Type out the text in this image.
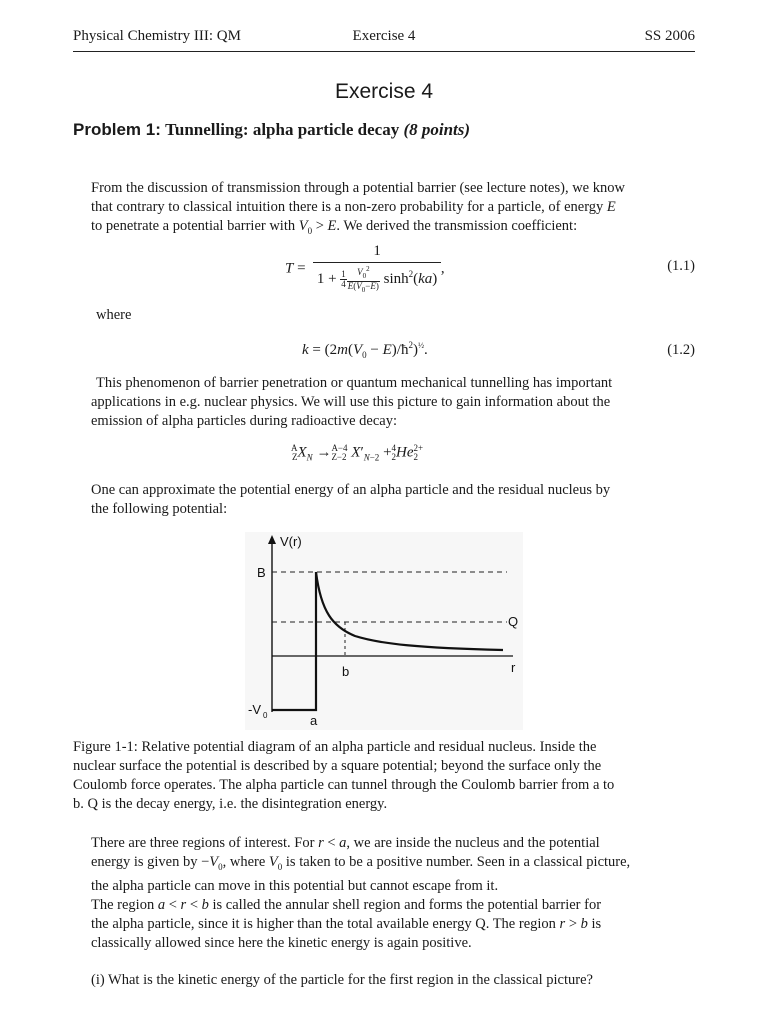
Physical Chemistry III: QM	Exercise 4	SS 2006
Exercise 4
Problem 1: Tunnelling: alpha particle decay (8 points)
From the discussion of transmission through a potential barrier (see lecture notes), we know
that contrary to classical intuition there is a non-zero probability for a particle, of energy E
to penetrate a potential barrier with $V_0 > E$. We derived the transmission coefficient:
$T = \frac{1}{1 + \frac{1}{4} \frac{V_0^2}{E(V_0-E)} \sinh^2(ka)}$ ,	(1.1)
where
$k = (2m(V_0$ − $E)/ħ^2)^{\frac{1}{2}}$.	(1.2)
This phenomenon of barrier penetration or quantum mechanical tunnelling has important
applications in e.g. nuclear physics. We will use this picture to gain information about the
emission of alpha particles during radioactive decay:
A
$ZX_N \to A-4$
Z−2 $X'_{N-2} +4$
2He2+
2
One can approximate the potential energy of an alpha particle and the residual nucleus by
the following potential:
V(r)
B
Q
b	r
-V 0	a
Figure 1-1: Relative potential diagram of an alpha particle and residual nucleus. Inside the
nuclear surface the potential is described by a square potential; beyond the surface only the
Coulomb force operates. The alpha particle can tunnel through the Coulomb barrier from a to
b. Q is the decay energy, i.e. the disintegration energy.
There are three regions of interest. For r < a, we are inside the nucleus and the potential
energy is given by $-V_0$, where $V_0$ is taken to be a positive number. Seen in a classical picture,
the alpha particle can move in this potential but cannot escape from it.
The region a < r < b is called the annular shell region and forms the potential barrier for
the alpha particle, since it is higher than the total available energy Q. The region r > b is
classically allowed since here the kinetic energy is again positive.
(i) What is the kinetic energy of the particle for the first region in the classical picture?
